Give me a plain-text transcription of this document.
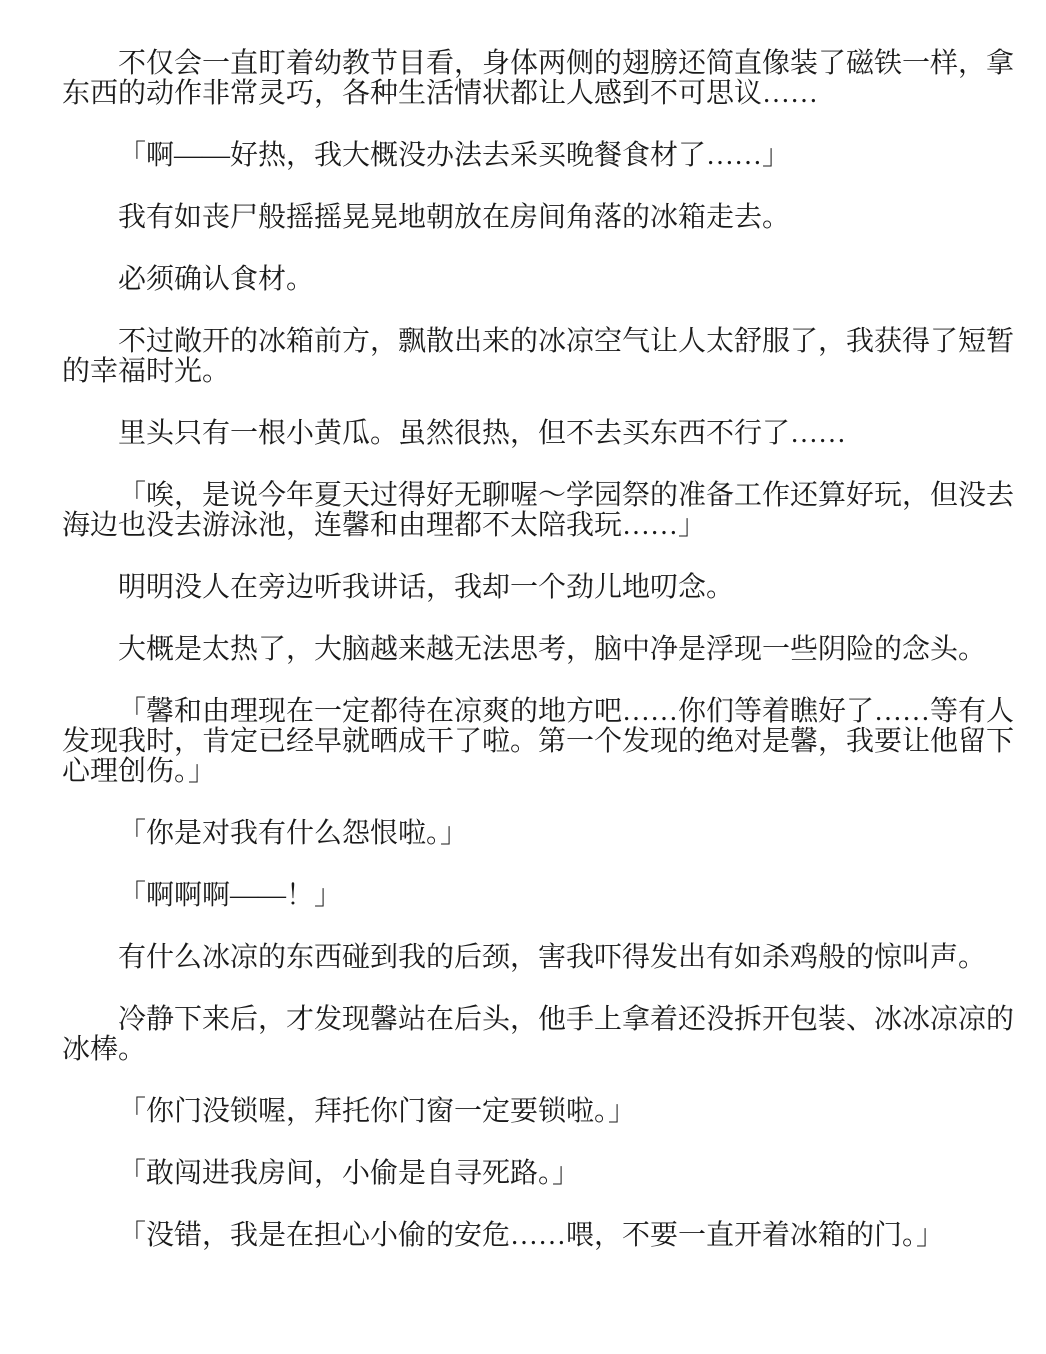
不仅会一直盯着幼教节目看，身体两侧的翅膀还简直像装了磁铁一样，拿东西的动作非常灵巧，各种生活情状都让人感到不可思议……

「啊——好热，我大概没办法去采买晚餐食材了……」

我有如丧尸般摇摇晃晃地朝放在房间角落的冰箱走去。

必须确认食材。

不过敞开的冰箱前方，飘散出来的冰凉空气让人太舒服了，我获得了短暂的幸福时光。

里头只有一根小黄瓜。虽然很热，但不去买东西不行了……

「唉，是说今年夏天过得好无聊喔～学园祭的准备工作还算好玩，但没去海边也没去游泳池，连馨和由理都不太陪我玩……」

明明没人在旁边听我讲话，我却一个劲儿地叨念。

大概是太热了，大脑越来越无法思考，脑中净是浮现一些阴险的念头。

「馨和由理现在一定都待在凉爽的地方吧……你们等着瞧好了……等有人发现我时，肯定已经早就晒成干了啦。第一个发现的绝对是馨，我要让他留下心理创伤。」

「你是对我有什么怨恨啦。」

「啊啊啊——！」

有什么冰凉的东西碰到我的后颈，害我吓得发出有如杀鸡般的惊叫声。

冷静下来后，才发现馨站在后头，他手上拿着还没拆开包装、冰冰凉凉的冰棒。

「你门没锁喔，拜托你门窗一定要锁啦。」

「敢闯进我房间，小偷是自寻死路。」

「没错，我是在担心小偷的安危……喂，不要一直开着冰箱的门。」
